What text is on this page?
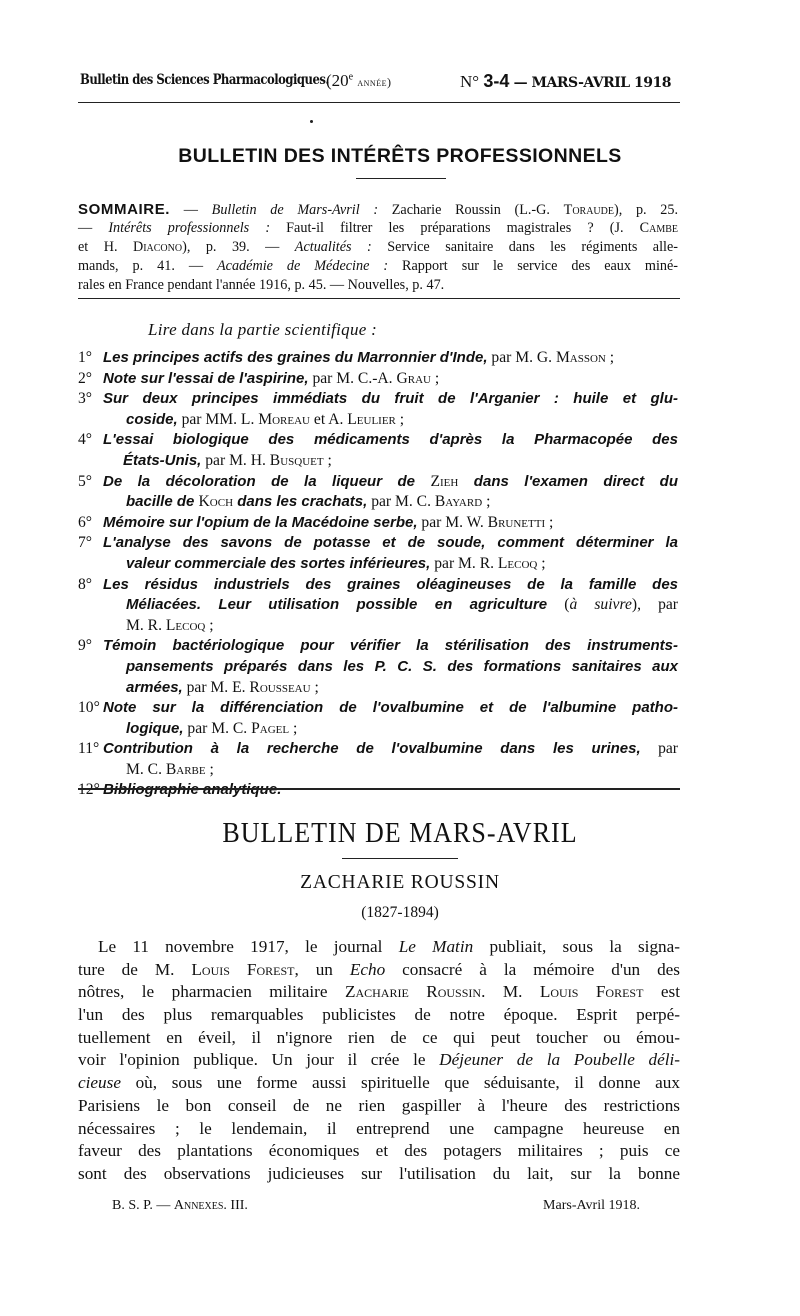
Bulletin des Sciences Pharmacologiques.
(20e année)	N° 3-4 — MARS-AVRIL 1918
BULLETIN DES INTÉRÊTS PROFESSIONNELS
SOMMAIRE. — Bulletin de Mars-Avril : Zacharie Roussin (L.-G. Toraude), p. 25.
— Intérêts professionnels : Faut-il filtrer les préparations magistrales ? (J. Cambe
et H. Diacono), p. 39. — Actualités : Service sanitaire dans les régiments alle-
mands, p. 41. — Académie de Médecine : Rapport sur le service des eaux miné-
rales en France pendant l'année 1916, p. 45. — Nouvelles, p. 47.
Lire dans la partie scientifique :
1° Les principes actifs des graines du Marronnier d'Inde, par M. G. Masson ;
2° Note sur l'essai de l'aspirine, par M. C.-A. Grau ;
3° Sur deux principes immédiats du fruit de l'Arganier : huile et glu-
coside, par MM. L. Moreau et A. Leulier ;
4° L'essai biologique des médicaments d'après la Pharmacopée des
États-Unis, par M. H. Busquet ;
5° De la décoloration de la liqueur de Zieh dans l'examen direct du
bacille de Koch dans les crachats, par M. C. Bayard ;
6° Mémoire sur l'opium de la Macédoine serbe, par M. W. Brunetti ;
7° L'analyse des savons de potasse et de soude, comment déterminer la
valeur commerciale des sortes inférieures, par M. R. Lecoq ;
8° Les résidus industriels des graines oléagineuses de la famille des
Méliacées. Leur utilisation possible en agriculture (à suivre), par
M. R. Lecoq ;
9° Témoin bactériologique pour vérifier la stérilisation des instruments-
pansements préparés dans les P. C. S. des formations sanitaires aux
armées, par M. E. Rousseau ;
10° Note sur la différenciation de l'ovalbumine et de l'albumine patho-
logique, par M. C. Pagel ;
11° Contribution à la recherche de l'ovalbumine dans les urines, par
M. C. Barbe ;
BULLETIN DE MARS-AVRIL
ZACHARIE ROUSSIN
(1827-1894)
Le 11 novembre 1917, le journal Le Matin publiait, sous la signa-
ture de M. Louis Forest, un Echo consacré à la mémoire d'un des
nôtres, le pharmacien militaire Zacharie Roussin. M. Louis Forest est
l'un des plus remarquables publicistes de notre époque. Esprit perpé-
tuellement en éveil, il n'ignore rien de ce qui peut toucher ou émou-
voir l'opinion publique. Un jour il crée le Déjeuner de la Poubelle déli-
cieuse où, sous une forme aussi spirituelle que séduisante, il donne aux
Parisiens le bon conseil de ne rien gaspiller à l'heure des restrictions
nécessaires ; le lendemain, il entreprend une campagne heureuse en
faveur des plantations économiques et des potagers militaires ; puis ce
sont des observations judicieuses sur l'utilisation du lait, sur la bonne
B. S. P. — Annexes. III.	Mars-Avril 1918.
